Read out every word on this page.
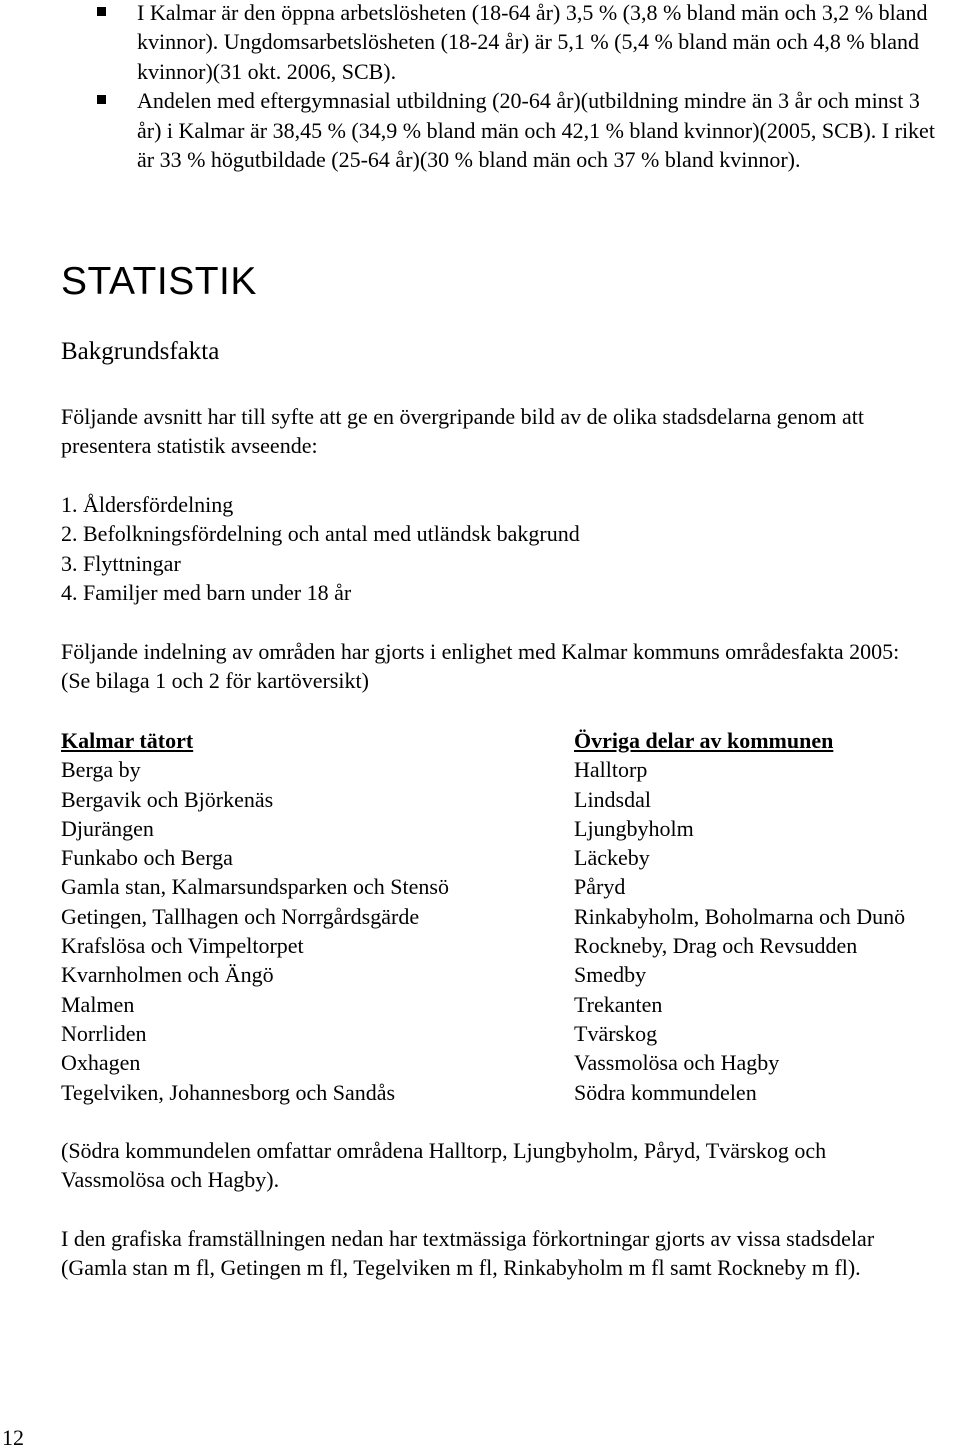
I Kalmar är den öppna arbetslösheten (18-64 år) 3,5 % (3,8 % bland män och 3,2 % bland kvinnor). Ungdomsarbetslösheten (18-24 år) är 5,1 % (5,4 % bland män och 4,8 % bland kvinnor)(31 okt. 2006, SCB).
Andelen med eftergymnasial utbildning (20-64 år)(utbildning mindre än 3 år och minst 3 år) i Kalmar är 38,45 % (34,9 % bland män och 42,1 % bland kvinnor)(2005, SCB). I riket är 33 % högutbildade (25-64 år)(30 % bland män och 37 % bland kvinnor).
STATISTIK
Bakgrundsfakta
Följande avsnitt har till syfte att ge en övergripande bild av de olika stadsdelarna genom att presentera statistik avseende:
1. Åldersfördelning
2. Befolkningsfördelning och antal med utländsk bakgrund
3. Flyttningar
4. Familjer med barn under 18 år
Följande indelning av områden har gjorts i enlighet med Kalmar kommuns områdesfakta 2005: (Se bilaga 1 och 2 för kartöversikt)
Kalmar tätort
Berga by
Bergavik och Björkenäs
Djurängen
Funkabo och Berga
Gamla stan, Kalmarsundsparken och Stensö
Getingen, Tallhagen och Norrgårdsgärde
Krafslösa och Vimpeltorpet
Kvarnholmen och Ängö
Malmen
Norrliden
Oxhagen
Tegelviken, Johannesborg och Sandås
Övriga delar av kommunen
Halltorp
Lindsdal
Ljungbyholm
Läckeby
Påryd
Rinkabyholm, Boholmarna och Dunö
Rockneby, Drag och Revsudden
Smedby
Trekanten
Tvärskog
Vassmolösa och Hagby
Södra kommundelen
(Södra kommundelen omfattar områdena Halltorp, Ljungbyholm, Påryd, Tvärskog och Vassmolösa och Hagby).
I den grafiska framställningen nedan har textmässiga förkortningar gjorts av vissa stadsdelar (Gamla stan m fl, Getingen m fl, Tegelviken m fl, Rinkabyholm m fl samt Rockneby m fl).
12
